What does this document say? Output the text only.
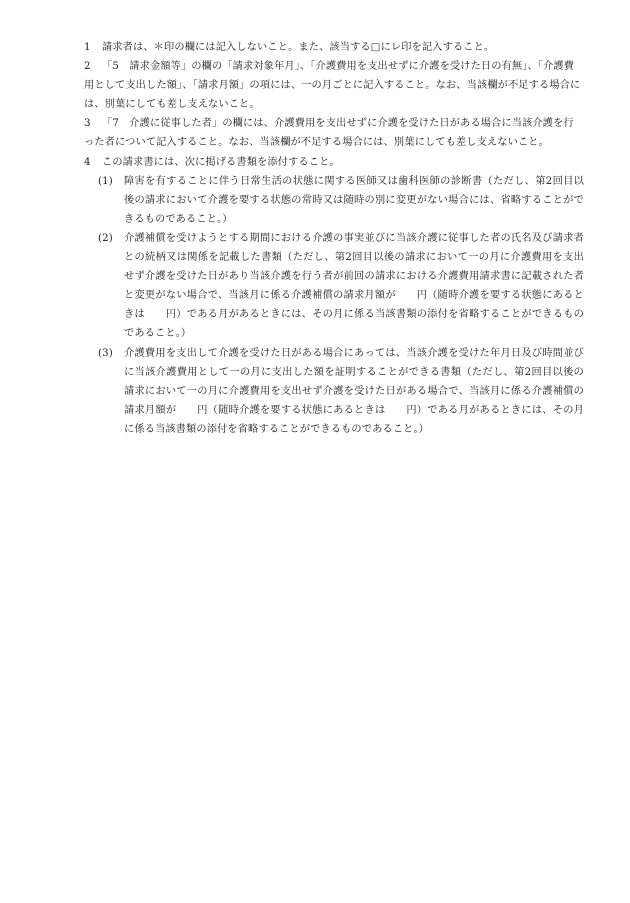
1 請求者は、＊印の欄には記入しないこと。また、該当する□にレ印を記入すること。
2 「5　請求金額等」の欄の「請求対象年月」、「介護費用を支出せずに介護を受けた日の有無」、「介護費用として支出した額」、「請求月額」の項には、一の月ごとに記入すること。なお、当該欄が不足する場合には、別葉にしても差し支えないこと。
3 「7　介護に従事した者」の欄には、介護費用を支出せずに介護を受けた日がある場合に当該介護を行った者について記入すること。なお、当該欄が不足する場合には、別葉にしても差し支えないこと。
4 この請求書には、次に掲げる書類を添付すること。
(1)	障害を有することに伴う日常生活の状態に関する医師又は歯科医師の診断書（ただし、第2回目以後の請求において介護を要する状態の常時又は随時の別に変更がない場合には、省略することができるものであること。）
(2)	介護補償を受けようとする期間における介護の事実並びに当該介護に従事した者の氏名及び請求者との続柄又は関係を記載した書類（ただし、第2回目以後の請求において一の月に介護費用を支出せず介護を受けた日があり当該介護を行う者が前回の請求における介護費用請求書に記載された者と変更がない場合で、当該月に係る介護補償の請求月額が　　円（随時介護を要する状態にあるときは　　円）である月があるときには、その月に係る当該書類の添付を省略することができるものであること。）
(3)	介護費用を支出して介護を受けた日がある場合にあっては、当該介護を受けた年月日及び時間並びに当該介護費用として一の月に支出した額を証明することができる書類（ただし、第2回目以後の請求において一の月に介護費用を支出せず介護を受けた日がある場合で、当該月に係る介護補償の請求月額が　　円（随時介護を要する状態にあるときは　　円）である月があるときには、その月に係る当該書類の添付を省略することができるものであること。）
